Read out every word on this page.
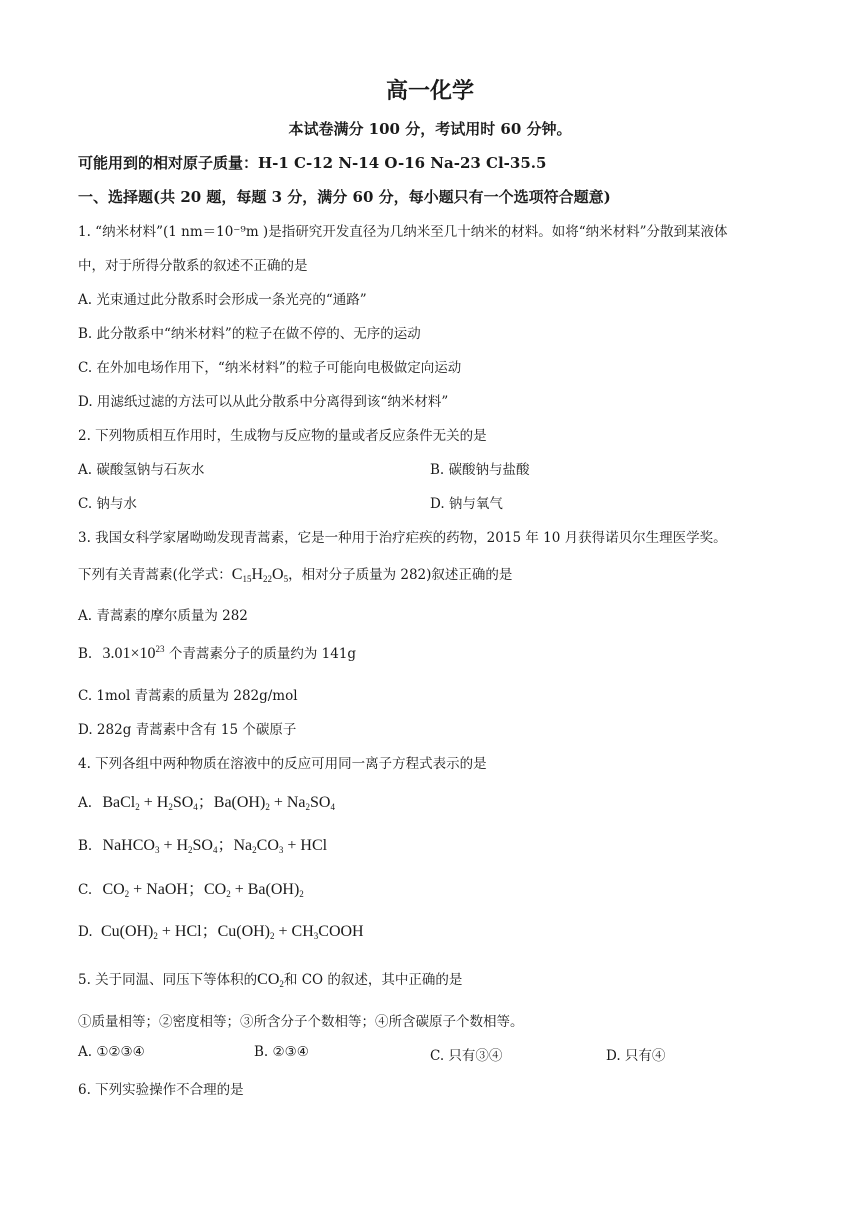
高一化学
本试卷满分 100 分，考试用时 60 分钟。
可能用到的相对原子质量：H-1 C-12 N-14 O-16 Na-23 Cl-35.5
一、选择题(共 20 题，每题 3 分，满分 60 分，每小题只有一个选项符合题意)
1. “纳米材料”(1 nm＝10⁻⁹m )是指研究开发直径为几纳米至几十纳米的材料。如将“纳米材料”分散到某液体
中，对于所得分散系的叙述不正确的是
A. 光束通过此分散系时会形成一条光亮的“通路”
B. 此分散系中“纳米材料”的粒子在做不停的、无序的运动
C. 在外加电场作用下，“纳米材料”的粒子可能向电极做定向运动
D. 用滤纸过滤的方法可以从此分散系中分离得到该“纳米材料”
2. 下列物质相互作用时，生成物与反应物的量或者反应条件无关的是
A. 碳酸氢钠与石灰水	B. 碳酸钠与盐酸
C. 钠与水	D. 钠与氧气
3. 我国女科学家屠呦呦发现青蒿素，它是一种用于治疗疟疾的药物，2015 年 10 月获得诺贝尔生理医学奖。
下列有关青蒿素(化学式：$C_{15}H_{22}O_5$，相对分子质量为 282)叙述正确的是
A. 青蒿素的摩尔质量为 282
B. $3.01\times 10^{23}$ 个青蒿素分子的质量约为 141g
C. 1mol 青蒿素的质量为 282g/mol
D. 282g 青蒿素中含有 15 个碳原子
4. 下列各组中两种物质在溶液中的反应可用同一离子方程式表示的是
A. BaCl$_2$ + $H_2SO_4$；$Ba(OH)_2 + Na_2SO_4$
B. NaHCO$_3$ + $H_2SO_4$；$Na_2CO_3$ + HCl
C. $CO_2$ + NaOH；$CO_2 + Ba(OH)_2$
D. $Cu(OH)_2$ + HCl；$Cu(OH)_2$ + $CH_3COOH$
5. 关于同温、同压下等体积的$CO_2$和 CO 的叙述，其中正确的是
①质量相等；②密度相等；③所含分子个数相等；④所含碳原子个数相等。
A. ①②③④	B. ②③④	C. 只有③④	D. 只有④
6. 下列实验操作不合理的是
